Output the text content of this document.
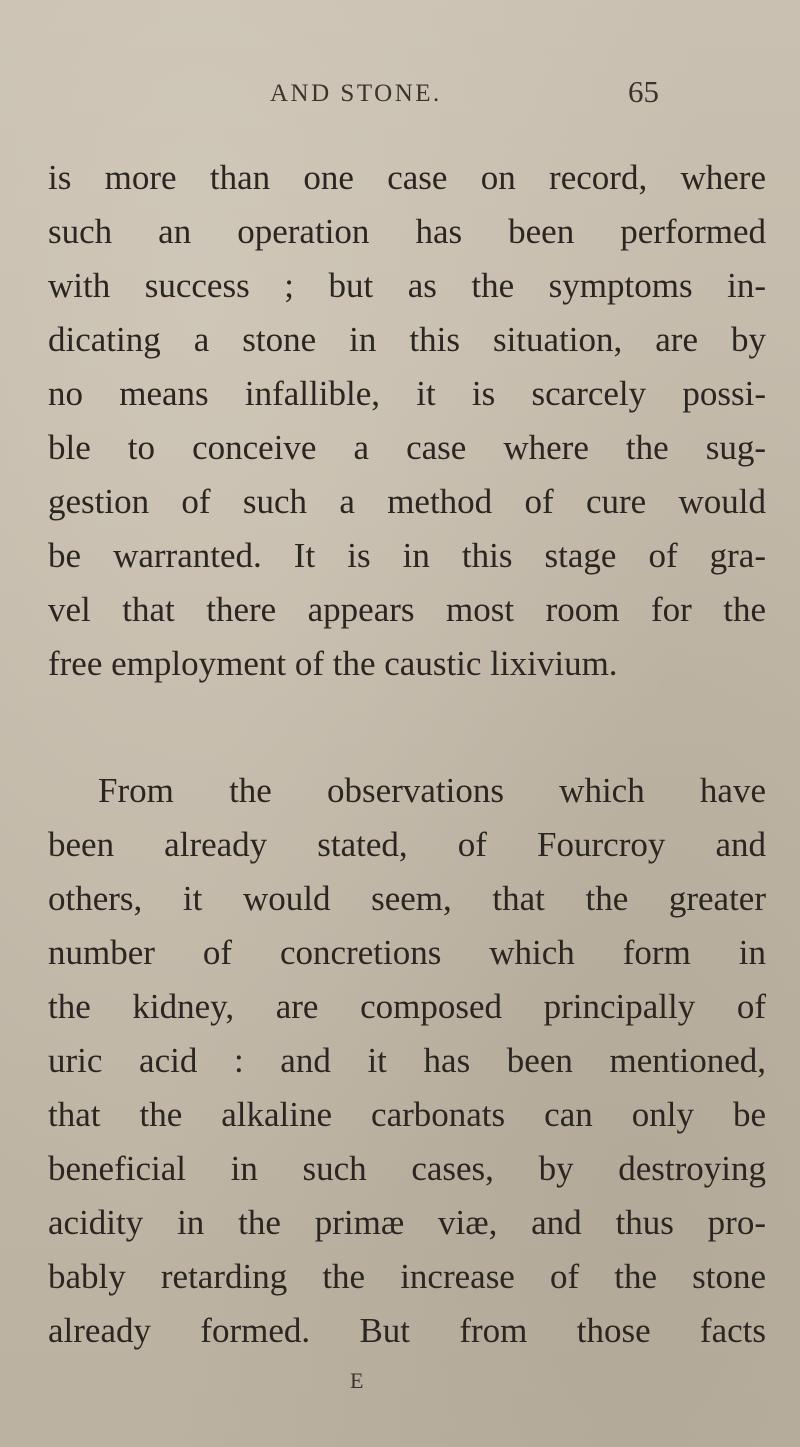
AND STONE.	65
is more than one case on record, where
such an operation has been performed
with success ; but as the symptoms in-
dicating a stone in this situation, are by
no means infallible, it is scarcely possi-
ble to conceive a case where the sug-
gestion of such a method of cure would
be warranted. It is in this stage of gra-
vel that there appears most room for the
free employment of the caustic lixivium.
From the observations which have
been already stated, of Fourcroy and
others, it would seem, that the greater
number of concretions which form in
the kidney, are composed principally of
uric acid : and it has been mentioned,
that the alkaline carbonats can only be
beneficial in such cases, by destroying
acidity in the primæ viæ, and thus pro-
bably retarding the increase of the stone
already formed. But from those facts
E
